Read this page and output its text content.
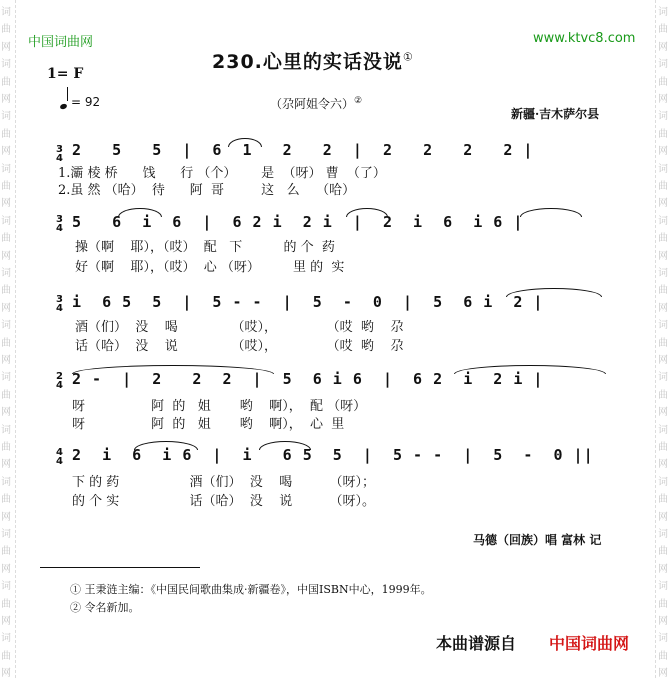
词
曲
网
词
曲
网
词
曲
网
词
曲
网
词
曲
网
词
曲
网
词
曲
网
词
曲
网
词
曲
网
词
曲
网
词
曲
网
词
曲
网
词
曲
网
词
曲
网
词
曲
网
词
曲
网
词
曲
网
词
曲
网
词
曲
网
词
曲
网
词
曲
网
词
曲
网
词
曲
网
词
曲
网
词
曲
网
词
曲
网
中国词曲网	www.ktvc8.com
230.心里的实话没说①
1= F
= 92	（尕阿姐令六）②
新疆·吉木萨尔县
3
4 2   5   5  |  6  1   2   2  |  2   2   2   2 |
1.灞 棱 桥      饯      行 （个）      是  （呀） 曹  （了）
2.虽 然 （哈）  待      阿  哥         这   么    （哈）
3
4 5   6  i  6  |  6 2 i  2 i  |  2  i  6  i 6 |
操（啊    耶），（哎）  配   下          的 个  药
好（啊    耶），（哎）  心 （呀）        里 的  实
3
4 i  6 5  5  |  5 - -  |  5  -  0  |  5  6 i  2 |
酒（们）  没    喝             （哎），            （哎  哟    尕
话（哈）  没    说             （哎），            （哎  哟    尕
2
4 2 -  |  2   2  2  |  5  6 i 6  |  6 2  i  2 i |
呀                阿  的   姐       哟    啊），  配 （呀）
呀                阿  的   姐       哟    啊），  心  里
4
4 2  i  6  i 6  |  i   6 5  5  |  5 - -  |  5  -  0 ||
下 的 药                 酒（们）  没    喝         （呀）；
的 个 实                 话（哈）  没    说         （呀）。
马德（回族）唱 富林 记
① 王秉涟主编：《中国民间歌曲集成·新疆卷》，中国ISBN中心，1999年。
② 令名新加。
本曲谱源自 中国词曲网
